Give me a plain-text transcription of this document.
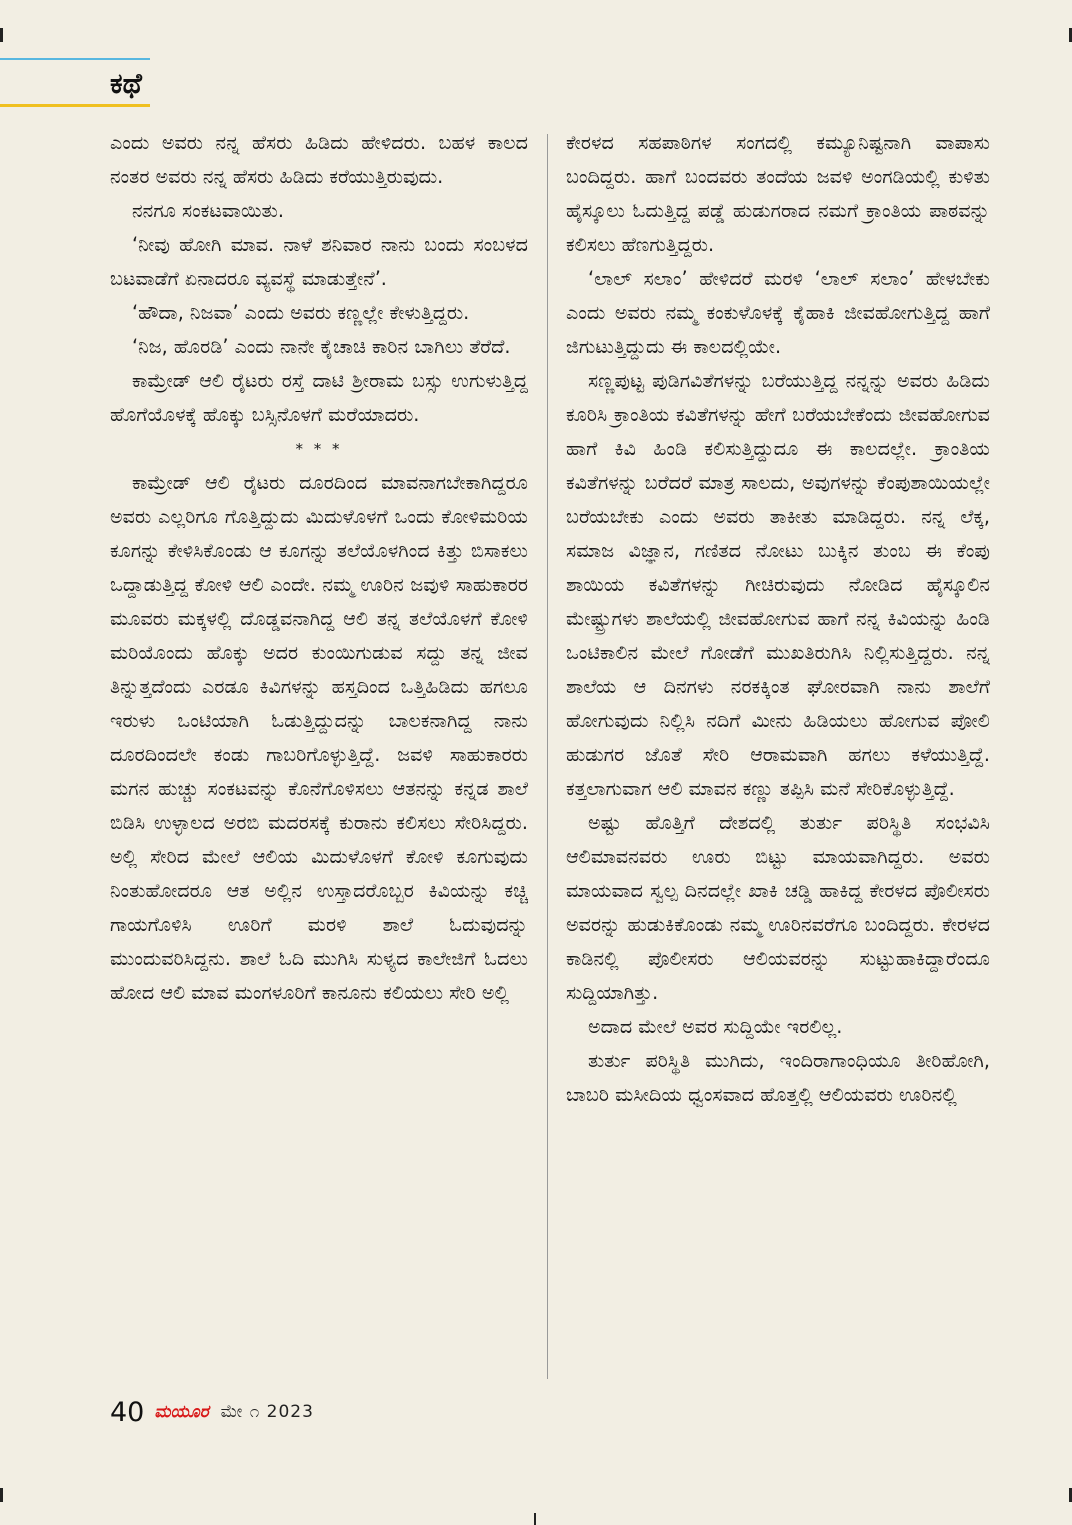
ಕಥೆ

ಎಂದು ಅವರು ನನ್ನ ಹೆಸರು ಹಿಡಿದು ಹೇಳಿದರು. ಬಹಳ ಕಾಲದ ನಂತರ ಅವರು ನನ್ನ ಹೆಸರು ಹಿಡಿದು ಕರೆಯುತ್ತಿರುವುದು.

ನನಗೂ ಸಂಕಟವಾಯಿತು.

‘ನೀವು ಹೋಗಿ ಮಾವ. ನಾಳೆ ಶನಿವಾರ ನಾನು ಬಂದು ಸಂಬಳದ ಬಟವಾಡೆಗೆ ಏನಾದರೂ ವ್ಯವಸ್ಥೆ ಮಾಡುತ್ತೇನೆ’.

‘ಹೌದಾ, ನಿಜವಾ’ ಎಂದು ಅವರು ಕಣ್ಣಲ್ಲೇ ಕೇಳುತ್ತಿದ್ದರು.

‘ನಿಜ, ಹೊರಡಿ’ ಎಂದು ನಾನೇ ಕೈಚಾಚಿ ಕಾರಿನ ಬಾಗಿಲು ತೆರೆದೆ.

ಕಾಮ್ರೇಡ್ ಆಲಿ ರೈಟರು ರಸ್ತೆ ದಾಟಿ ಶ್ರೀರಾಮ ಬಸ್ಸು ಉಗುಳುತ್ತಿದ್ದ ಹೊಗೆಯೊಳಕ್ಕೆ ಹೊಕ್ಕು ಬಸ್ಸಿನೊಳಗೆ ಮರೆಯಾದರು.

* * *

ಕಾಮ್ರೇಡ್ ಆಲಿ ರೈಟರು ದೂರದಿಂದ ಮಾವನಾಗಬೇಕಾಗಿದ್ದರೂ ಅವರು ಎಲ್ಲರಿಗೂ ಗೊತ್ತಿದ್ದುದು ಮಿದುಳೊಳಗೆ ಒಂದು ಕೋಳಿಮರಿಯ ಕೂಗನ್ನು ಕೇಳಿಸಿಕೊಂಡು ಆ ಕೂಗನ್ನು ತಲೆಯೊಳಗಿಂದ ಕಿತ್ತು ಬಿಸಾಕಲು ಒದ್ದಾಡುತ್ತಿದ್ದ ಕೋಳಿ ಆಲಿ ಎಂದೇ. ನಮ್ಮ ಊರಿನ ಜವುಳಿ ಸಾಹುಕಾರರ ಮೂವರು ಮಕ್ಕಳಲ್ಲಿ ದೊಡ್ಡವನಾಗಿದ್ದ ಆಲಿ ತನ್ನ ತಲೆಯೊಳಗೆ ಕೋಳಿ ಮರಿಯೊಂದು ಹೊಕ್ಕು ಅದರ ಕುಂಯಿಗುಡುವ ಸದ್ದು ತನ್ನ ಜೀವ ತಿನ್ನುತ್ತದೆಂದು ಎರಡೂ ಕಿವಿಗಳನ್ನು ಹಸ್ತದಿಂದ ಒತ್ತಿಹಿಡಿದು ಹಗಲೂ ಇರುಳು ಒಂಟಿಯಾಗಿ ಓಡುತ್ತಿದ್ದುದನ್ನು ಬಾಲಕನಾಗಿದ್ದ ನಾನು ದೂರದಿಂದಲೇ ಕಂಡು ಗಾಬರಿಗೊಳ್ಳುತ್ತಿದ್ದೆ. ಜವಳಿ ಸಾಹುಕಾರರು ಮಗನ ಹುಚ್ಚು ಸಂಕಟವನ್ನು ಕೊನೆಗೊಳಿಸಲು ಆತನನ್ನು ಕನ್ನಡ ಶಾಲೆ ಬಿಡಿಸಿ ಉಳ್ಳಾಲದ ಅರಬಿ ಮದರಸಕ್ಕೆ ಕುರಾನು ಕಲಿಸಲು ಸೇರಿಸಿದ್ದರು. ಅಲ್ಲಿ ಸೇರಿದ ಮೇಲೆ ಆಲಿಯ ಮಿದುಳೊಳಗೆ ಕೋಳಿ ಕೂಗುವುದು ನಿಂತುಹೋದರೂ ಆತ ಅಲ್ಲಿನ ಉಸ್ತಾದರೊಬ್ಬರ ಕಿವಿಯನ್ನು ಕಚ್ಚಿ ಗಾಯಗೊಳಿಸಿ ಊರಿಗೆ ಮರಳಿ ಶಾಲೆ ಓದುವುದನ್ನು ಮುಂದುವರಿಸಿದ್ದನು. ಶಾಲೆ ಓದಿ ಮುಗಿಸಿ ಸುಳ್ಯದ ಕಾಲೇಜಿಗೆ ಓದಲು ಹೋದ ಆಲಿ ಮಾವ ಮಂಗಳೂರಿಗೆ ಕಾನೂನು ಕಲಿಯಲು ಸೇರಿ ಅಲ್ಲಿ

ಕೇರಳದ ಸಹಪಾಠಿಗಳ ಸಂಗದಲ್ಲಿ ಕಮ್ಯೂನಿಷ್ಟನಾಗಿ ವಾಪಾಸು ಬಂದಿದ್ದರು. ಹಾಗೆ ಬಂದವರು ತಂದೆಯ ಜವಳಿ ಅಂಗಡಿಯಲ್ಲಿ ಕುಳಿತು ಹೈಸ್ಕೂಲು ಓದುತ್ತಿದ್ದ ಪಡ್ಡೆ ಹುಡುಗರಾದ ನಮಗೆ ಕ್ರಾಂತಿಯ ಪಾಠವನ್ನು ಕಲಿಸಲು ಹೆಣಗುತ್ತಿದ್ದರು.

‘ಲಾಲ್ ಸಲಾಂ’ ಹೇಳಿದರೆ ಮರಳಿ ‘ಲಾಲ್ ಸಲಾಂ’ ಹೇಳಬೇಕು ಎಂದು ಅವರು ನಮ್ಮ ಕಂಕುಳೊಳಕ್ಕೆ ಕೈಹಾಕಿ ಜೀವಹೋಗುತ್ತಿದ್ದ ಹಾಗೆ ಜಿಗುಟುತ್ತಿದ್ದುದು ಈ ಕಾಲದಲ್ಲಿಯೇ.

ಸಣ್ಣಪುಟ್ಟ ಪುಡಿಗವಿತೆಗಳನ್ನು ಬರೆಯುತ್ತಿದ್ದ ನನ್ನನ್ನು ಅವರು ಹಿಡಿದು ಕೂರಿಸಿ ಕ್ರಾಂತಿಯ ಕವಿತೆಗಳನ್ನು ಹೇಗೆ ಬರೆಯಬೇಕೆಂದು ಜೀವಹೋಗುವ ಹಾಗೆ ಕಿವಿ ಹಿಂಡಿ ಕಲಿಸುತ್ತಿದ್ದುದೂ ಈ ಕಾಲದಲ್ಲೇ. ಕ್ರಾಂತಿಯ ಕವಿತೆಗಳನ್ನು ಬರೆದರೆ ಮಾತ್ರ ಸಾಲದು, ಅವುಗಳನ್ನು ಕೆಂಪುಶಾಯಿಯಲ್ಲೇ ಬರೆಯಬೇಕು ಎಂದು ಅವರು ತಾಕೀತು ಮಾಡಿದ್ದರು. ನನ್ನ ಲೆಕ್ಕ, ಸಮಾಜ ವಿಜ್ಞಾನ, ಗಣಿತದ ನೋಟು ಬುಕ್ಕಿನ ತುಂಬ ಈ ಕೆಂಪು ಶಾಯಿಯ ಕವಿತೆಗಳನ್ನು ಗೀಚಿರುವುದು ನೋಡಿದ ಹೈಸ್ಕೂಲಿನ ಮೇಷ್ಟ್ರುಗಳು ಶಾಲೆಯಲ್ಲಿ ಜೀವಹೋಗುವ ಹಾಗೆ ನನ್ನ ಕಿವಿಯನ್ನು ಹಿಂಡಿ ಒಂಟಿಕಾಲಿನ ಮೇಲೆ ಗೋಡೆಗೆ ಮುಖತಿರುಗಿಸಿ ನಿಲ್ಲಿಸುತ್ತಿದ್ದರು. ನನ್ನ ಶಾಲೆಯ ಆ ದಿನಗಳು ನರಕಕ್ಕಿಂತ ಘೋರವಾಗಿ ನಾನು ಶಾಲೆಗೆ ಹೋಗುವುದು ನಿಲ್ಲಿಸಿ ನದಿಗೆ ಮೀನು ಹಿಡಿಯಲು ಹೋಗುವ ಪೋಲಿ ಹುಡುಗರ ಜೊತೆ ಸೇರಿ ಆರಾಮವಾಗಿ ಹಗಲು ಕಳೆಯುತ್ತಿದ್ದೆ. ಕತ್ತಲಾಗುವಾಗ ಆಲಿ ಮಾವನ ಕಣ್ಣು ತಪ್ಪಿಸಿ ಮನೆ ಸೇರಿಕೊಳ್ಳುತ್ತಿದ್ದೆ.

ಅಷ್ಟು ಹೊತ್ತಿಗೆ ದೇಶದಲ್ಲಿ ತುರ್ತು ಪರಿಸ್ಥಿತಿ ಸಂಭವಿಸಿ ಆಲಿಮಾವನವರು ಊರು ಬಿಟ್ಟು ಮಾಯವಾಗಿದ್ದರು. ಅವರು ಮಾಯವಾದ ಸ್ವಲ್ಪ ದಿನದಲ್ಲೇ ಖಾಕಿ ಚಡ್ಡಿ ಹಾಕಿದ್ದ ಕೇರಳದ ಪೊಲೀಸರು ಅವರನ್ನು ಹುಡುಕಿಕೊಂಡು ನಮ್ಮ ಊರಿನವರೆಗೂ ಬಂದಿದ್ದರು. ಕೇರಳದ ಕಾಡಿನಲ್ಲಿ ಪೊಲೀಸರು ಆಲಿಯವರನ್ನು ಸುಟ್ಟುಹಾಕಿದ್ದಾರೆಂದೂ ಸುದ್ದಿಯಾಗಿತ್ತು.

ಅದಾದ ಮೇಲೆ ಅವರ ಸುದ್ದಿಯೇ ಇರಲಿಲ್ಲ.

ತುರ್ತು ಪರಿಸ್ಥಿತಿ ಮುಗಿದು, ಇಂದಿರಾಗಾಂಧಿಯೂ ತೀರಿಹೋಗಿ, ಬಾಬರಿ ಮಸೀದಿಯ ಧ್ವಂಸವಾದ ಹೊತ್ತಲ್ಲಿ ಆಲಿಯವರು ಊರಿನಲ್ಲಿ

40 ಮಯೂರ ಮೇ ೧ 2023
